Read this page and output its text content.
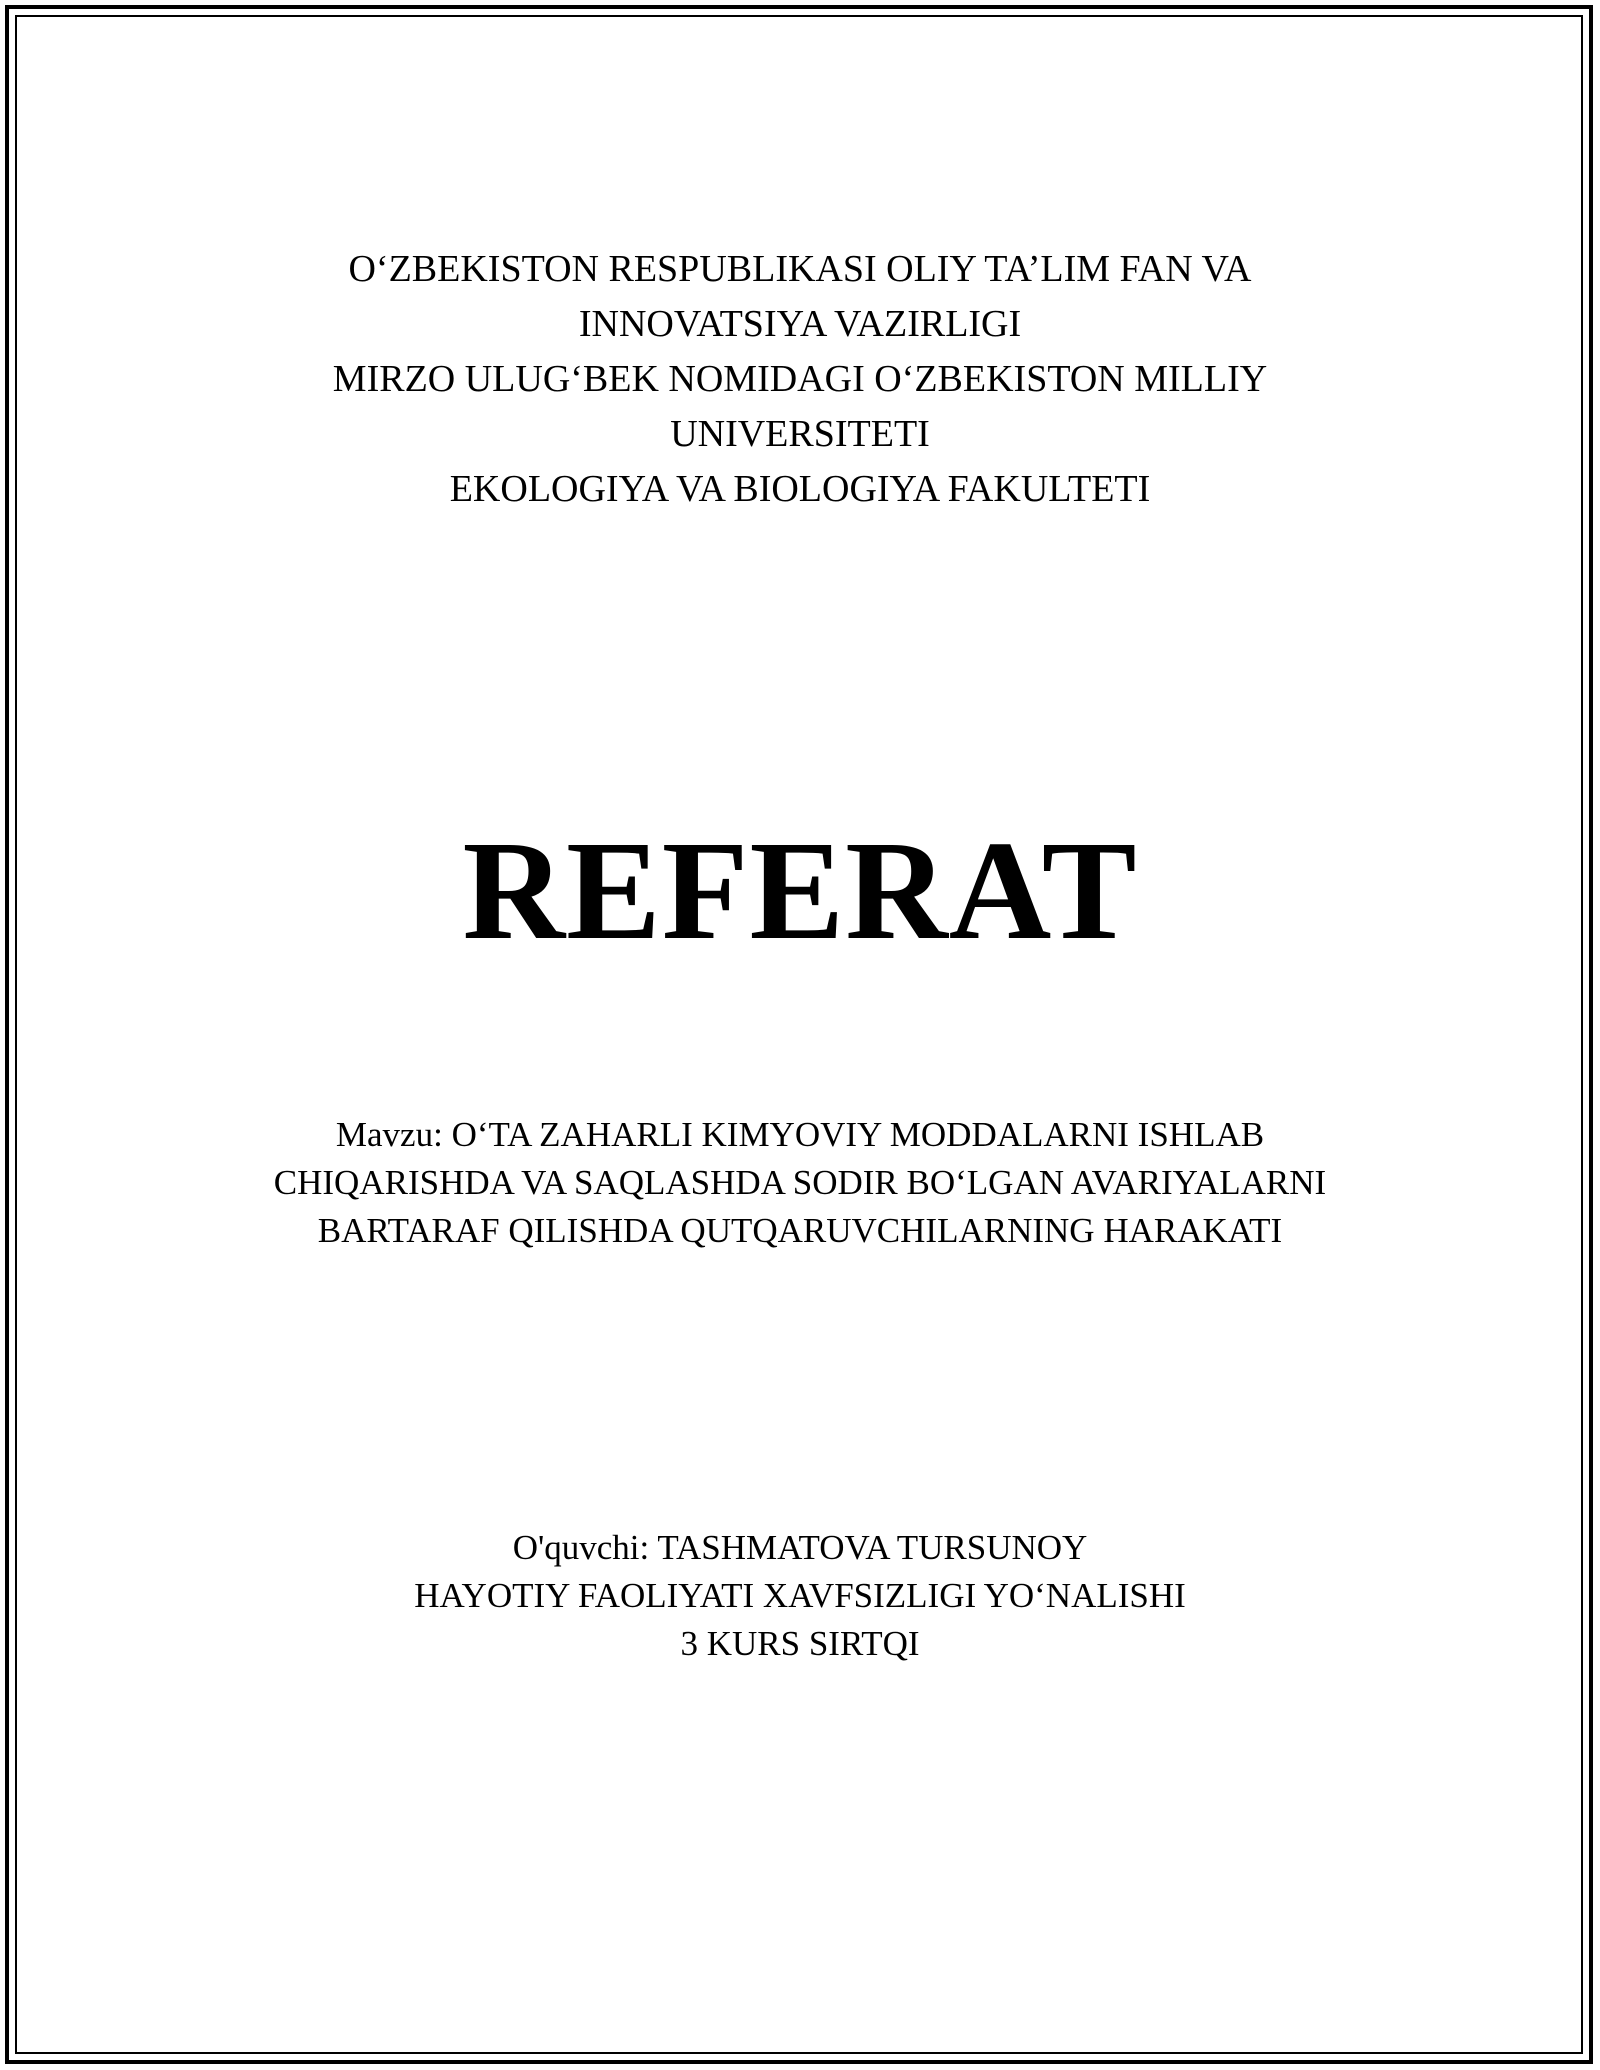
O‘ZBEKISTON RESPUBLIKASI OLIY TA’LIM FAN VA
INNOVATSIYA VAZIRLIGI
MIRZO ULUG‘BEK NOMIDAGI O‘ZBEKISTON MILLIY
UNIVERSITETI
EKOLOGIYA VA BIOLOGIYA FAKULTETI
REFERAT
Mavzu: O‘TA ZAHARLI KIMYOVIY MODDALARNI ISHLAB
CHIQARISHDA VA SAQLASHDA SODIR BO‘LGAN AVARIYALARNI
BARTARAF QILISHDA QUTQARUVCHILARNING HARAKATI
O'quvchi: TASHMATOVA TURSUNOY
HAYOTIY FAOLIYATI XAVFSIZLIGI YO‘NALISHI
3 KURS SIRTQI
